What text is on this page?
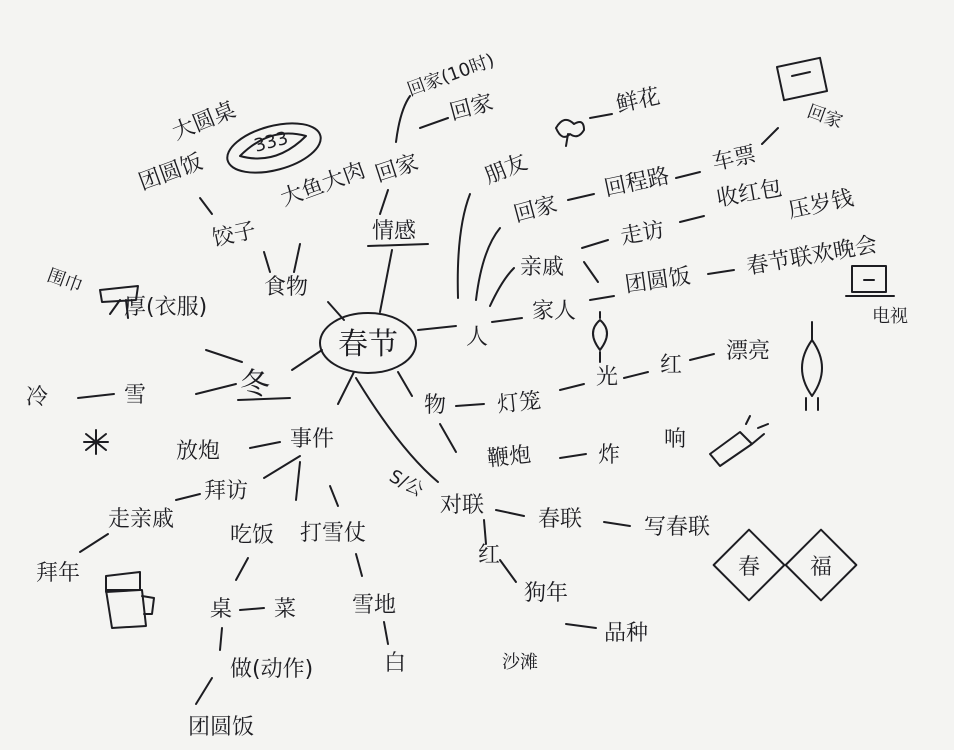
春节
情感
回家
回家(10时)
回家
人
朋友
鲜花
回家
回程路
车票
回家
亲戚
走访
收红包 压岁钱
家人
团圆饭
春节联欢晚会
电视
物 灯笼
光 红
漂亮
鞭炮	炸
响
S/公
对联
春联	写春联
红
狗年
品种
沙滩
春 福
事件
放炮
拜访
走亲戚
拜年
吃饭 打雪仗
桌 菜
做(动作)
团圆饭
雪地
白
冬
厚(衣服)
围巾
雪
冷
食物
饺子
大鱼大肉
333
团圆饭
大圆桌
